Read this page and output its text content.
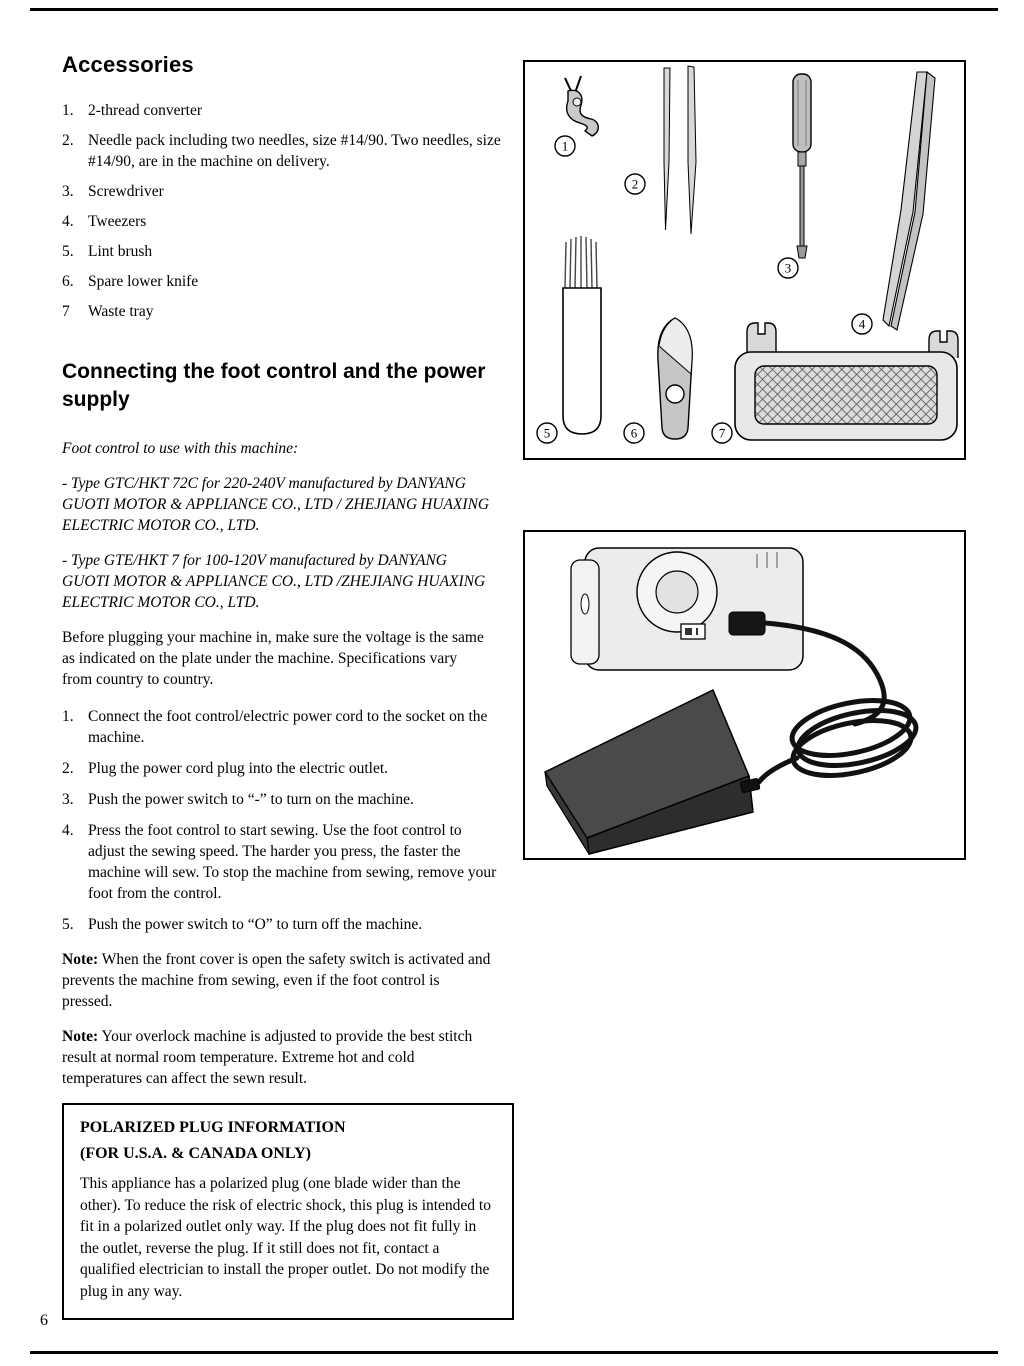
Accessories
1. 2-thread converter
2. Needle pack including two needles, size #14/90. Two needles, size #14/90, are in the machine on delivery.
3. Screwdriver
4. Tweezers
5. Lint brush
6. Spare lower knife
7	Waste tray
Connecting the foot control and the power supply

Foot control to use with this machine:

- Type GTC/HKT 72C for 220-240V manufactured by DANYANG GUOTI MOTOR & APPLIANCE CO., LTD / ZHEJIANG HUAXING ELECTRIC MOTOR CO., LTD.

- Type GTE/HKT 7 for 100-120V manufactured by DANYANG GUOTI MOTOR & APPLIANCE CO., LTD /ZHEJIANG HUAXING ELECTRIC MOTOR CO., LTD.

Before plugging your machine in, make sure the voltage is the same as indicated on the plate under the machine. Specifications vary from country to country.

1. Connect the foot control/electric power cord to the socket on the machine.
2. Plug the power cord plug into the electric outlet.
3. Push the power switch to “-” to turn on the machine.
4. Press the foot control to start sewing. Use the foot control to adjust the sewing speed. The harder you press, the faster the machine will sew. To stop the machine from sewing, remove your foot from the control.
5. Push the power switch to “O” to turn off the machine.

Note: When the front cover is open the safety switch is activated and prevents the machine from sewing, even if the foot control is pressed.

Note: Your overlock machine is adjusted to provide the best stitch result at normal room temperature. Extreme hot and cold temperatures can affect the sewn result.

1
2
3
4
5	6	7
POLARIZED PLUG INFORMATION
(FOR U.S.A. & CANADA ONLY)
This appliance has a polarized plug (one blade wider than the other). To reduce the risk of electric shock, this plug is intended to fit in a polarized outlet only way. If the plug does not fit fully in the outlet, reverse the plug. If it still does not fit, contact a qualified electrician to install the proper outlet. Do not modify the plug in any way.
6
